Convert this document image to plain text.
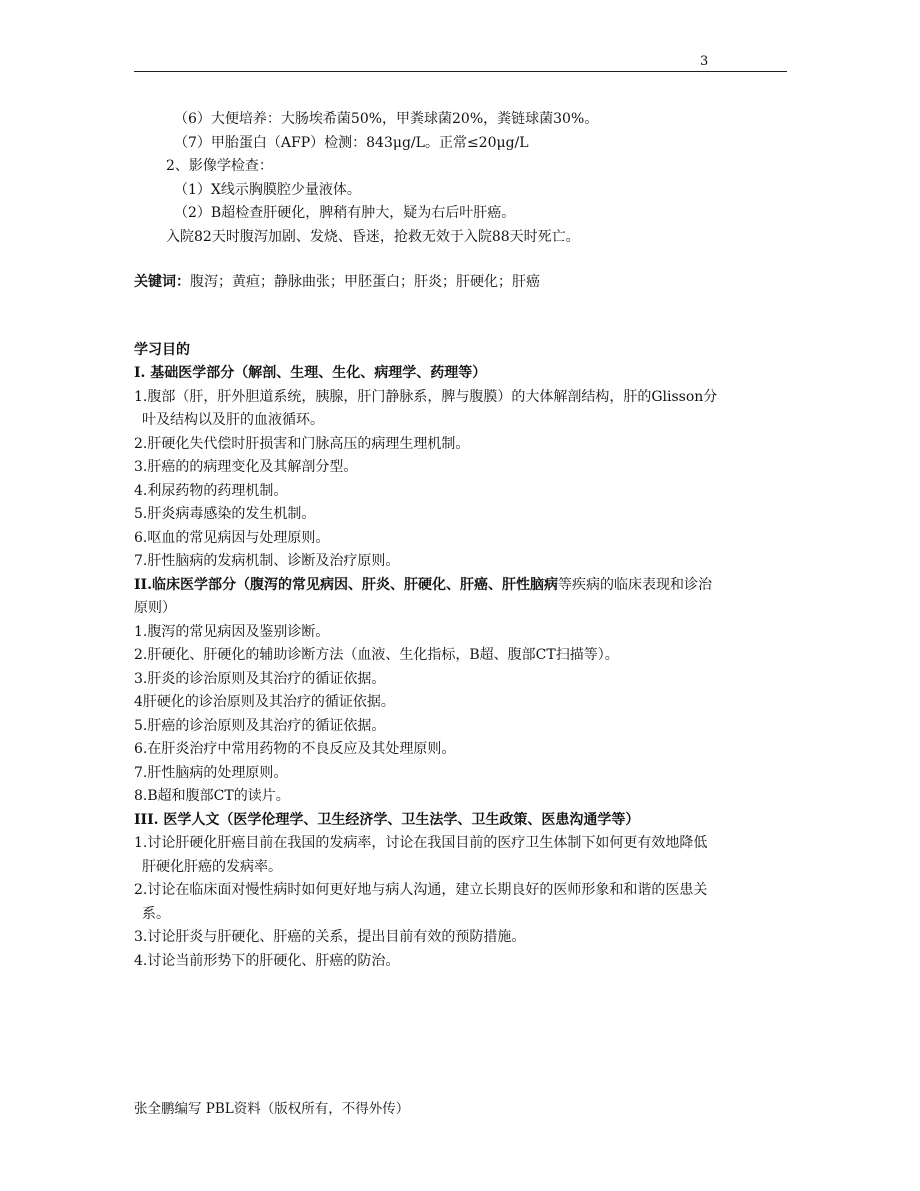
3
（6）大便培养：大肠埃希菌50%，甲粪球菌20%，粪链球菌30%。
（7）甲胎蛋白（AFP）检测：843μg/L。正常≤20μg/L
2、影像学检查：
（1）X线示胸膜腔少量液体。
（2）B超检查肝硬化，脾稍有肿大，疑为右后叶肝癌。
入院82天时腹泻加剧、发烧、昏迷，抢救无效于入院88天时死亡。
关键词：腹泻；黄疸；静脉曲张；甲胚蛋白；肝炎；肝硬化；肝癌
学习目的
I. 基础医学部分（解剖、生理、生化、病理学、药理等）
1.腹部（肝，肝外胆道系统，胰腺，肝门静脉系，脾与腹膜）的大体解剖结构，肝的Glisson分
叶及结构以及肝的血液循环。
2.肝硬化失代偿时肝损害和门脉高压的病理生理机制。
3.肝癌的的病理变化及其解剖分型。
4.利尿药物的药理机制。
5.肝炎病毒感染的发生机制。
6.呕血的常见病因与处理原则。
7.肝性脑病的发病机制、诊断及治疗原则。
II.临床医学部分（腹泻的常见病因、肝炎、肝硬化、肝癌、肝性脑病等疾病的临床表现和诊治
原则）
1.腹泻的常见病因及鉴别诊断。
2.肝硬化、肝硬化的辅助诊断方法（血液、生化指标，B超、腹部CT扫描等）。
3.肝炎的诊治原则及其治疗的循证依据。
4肝硬化的诊治原则及其治疗的循证依据。
5.肝癌的诊治原则及其治疗的循证依据。
6.在肝炎治疗中常用药物的不良反应及其处理原则。
7.肝性脑病的处理原则。
8.B超和腹部CT的读片。
III. 医学人文（医学伦理学、卫生经济学、卫生法学、卫生政策、医患沟通学等）
1.讨论肝硬化肝癌目前在我国的发病率，讨论在我国目前的医疗卫生体制下如何更有效地降低
肝硬化肝癌的发病率。
2.讨论在临床面对慢性病时如何更好地与病人沟通，建立长期良好的医师形象和和谐的医患关
系。
3.讨论肝炎与肝硬化、肝癌的关系，提出目前有效的预防措施。
4.讨论当前形势下的肝硬化、肝癌的防治。
张全鹏编写 PBL资料（版权所有，不得外传）
